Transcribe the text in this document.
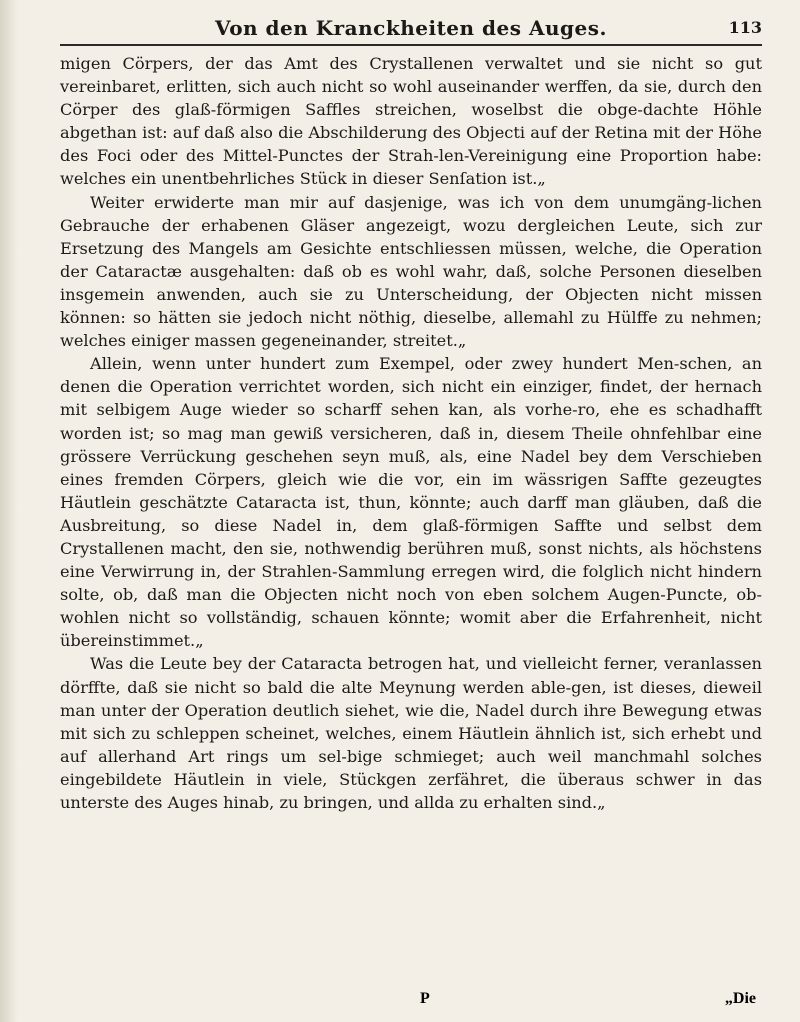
Von den Kranckheiten des Auges.	113

migen Cörpers, der das Amt des Crystallenen verwaltet und sie nicht so gut vereinbaret, erlitten, sich auch nicht so wohl auseinander werffen, da sie, durch den Cörper des glaß-förmigen Saffles streichen, woselbst die obge-dachte Höhle abgethan ist: auf daß also die Abschilderung des Objecti auf der Retina mit der Höhe des Foci oder des Mittel-Punctes der Strah-len-Vereinigung eine Proportion habe: welches ein unentbehrliches Stück in dieser Senſation ist.„

Weiter erwiderte man mir auf dasjenige, was ich von dem unumgäng-lichen Gebrauche der erhabenen Gläser angezeigt, wozu dergleichen Leute, sich zur Ersetzung des Mangels am Gesichte entschliessen müssen, welche, die Operation der Cataractæ ausgehalten: daß ob es wohl wahr, daß, solche Personen dieselben insgemein anwenden, auch sie zu Unterscheidung, der Objecten nicht missen können: so hätten sie jedoch nicht nöthig, dieselbe, allemahl zu Hülffe zu nehmen; welches einiger massen gegeneinander, streitet.„

Allein, wenn unter hundert zum Exempel, oder zwey hundert Men-schen, an denen die Operation verrichtet worden, sich nicht ein einziger, findet, der hernach mit selbigem Auge wieder so scharff sehen kan, als vorhe-ro, ehe es schadhafft worden ist; so mag man gewiß versicheren, daß in, diesem Theile ohnfehlbar eine grössere Verrückung geschehen seyn muß, als, eine Nadel bey dem Verschieben eines fremden Cörpers, gleich wie die vor, ein im wässrigen Saffte gezeugtes Häutlein geschätzte Cataracta ist, thun, könnte; auch darff man gläuben, daß die Ausbreitung, so diese Nadel in, dem glaß-förmigen Saffte und selbst dem Crystallenen macht, den sie, nothwendig berühren muß, sonst nichts, als höchstens eine Verwirrung in, der Strahlen-Sammlung erregen wird, die folglich nicht hindern solte, ob, daß man die Objecten nicht noch von eben solchem Augen-Puncte, ob-wohlen nicht so vollständig, schauen könnte; womit aber die Erfahrenheit, nicht übereinstimmet.„

Was die Leute bey der Cataracta betrogen hat, und vielleicht ferner, veranlassen dörffte, daß sie nicht so bald die alte Meynung werden able-gen, ist dieses, dieweil man unter der Operation deutlich siehet, wie die, Nadel durch ihre Bewegung etwas mit sich zu schleppen scheinet, welches, einem Häutlein ähnlich ist, sich erhebt und auf allerhand Art rings um sel-bige schmieget; auch weil manchmahl solches eingebildete Häutlein in viele, Stückgen zerfähret, die überaus schwer in das unterste des Auges hinab, zu bringen, und allda zu erhalten sind.„

P	„Die
